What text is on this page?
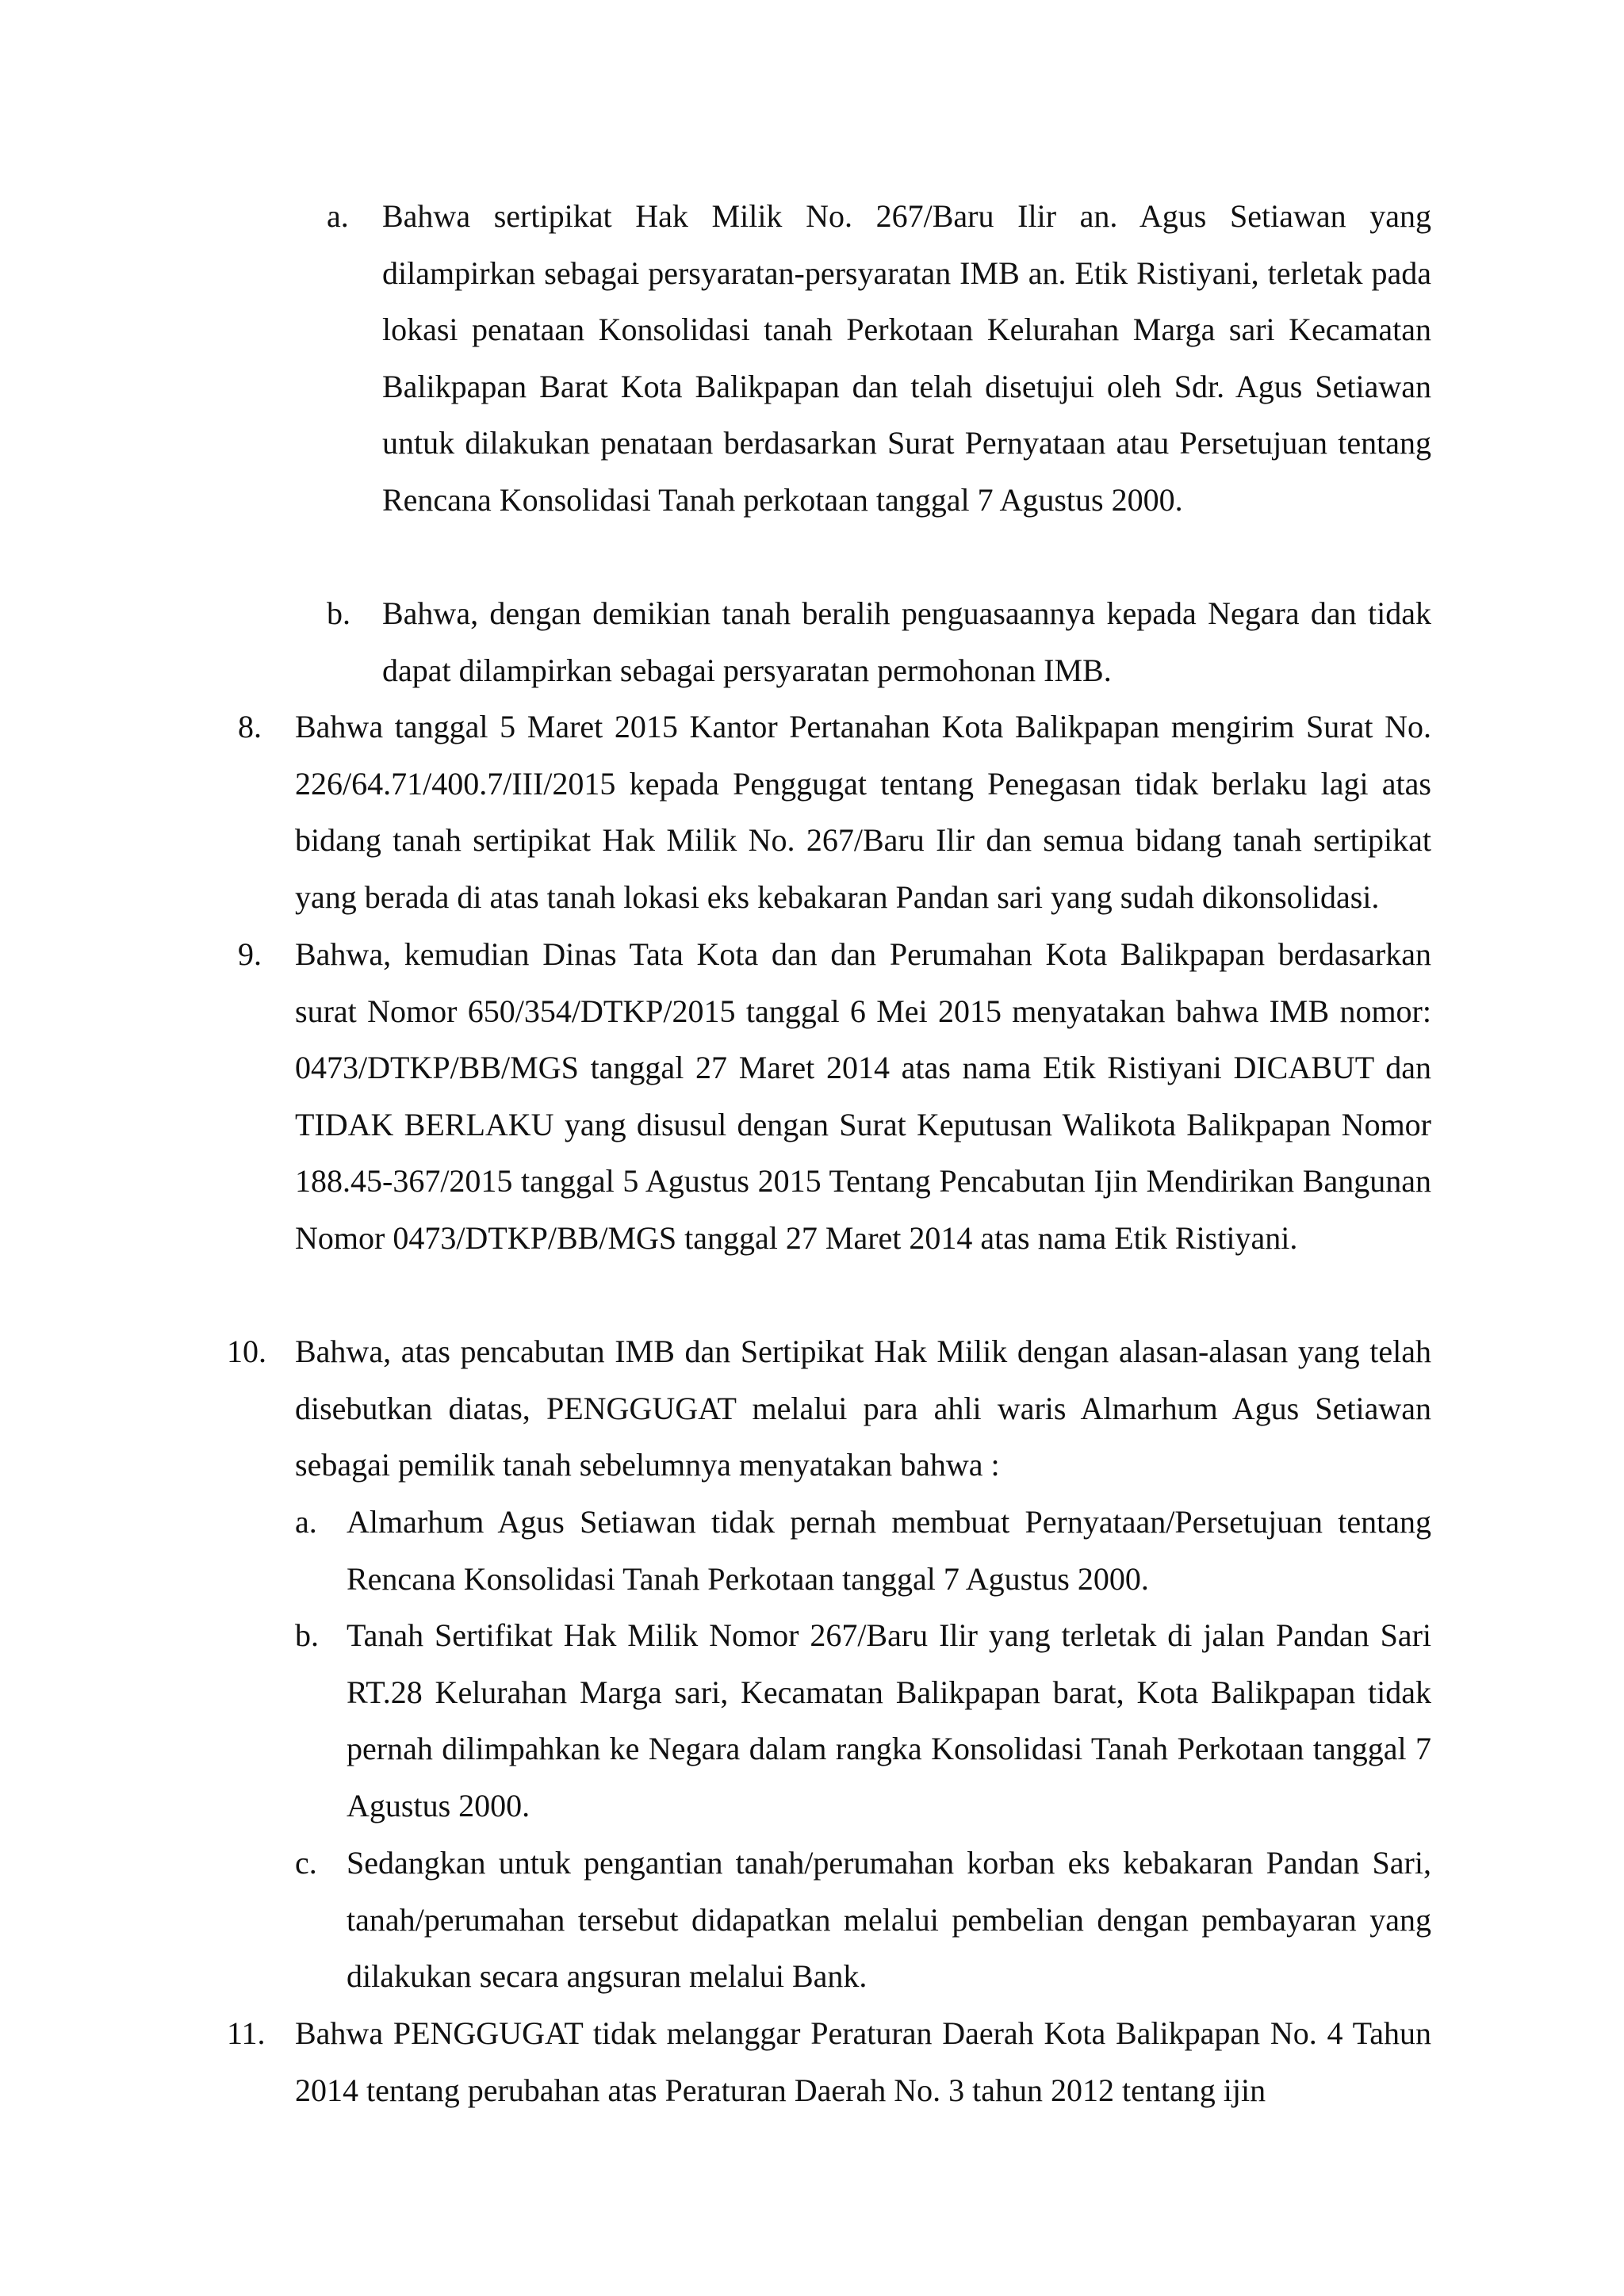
a.	Bahwa sertipikat Hak Milik No. 267/Baru Ilir an. Agus Setiawan yang dilampirkan sebagai persyaratan-persyaratan IMB an. Etik Ristiyani, terletak pada lokasi penataan Konsolidasi tanah Perkotaan Kelurahan Marga sari Kecamatan Balikpapan Barat Kota Balikpapan dan telah disetujui oleh Sdr. Agus Setiawan untuk dilakukan penataan berdasarkan Surat Pernyataan atau Persetujuan tentang Rencana Konsolidasi Tanah perkotaan tanggal 7 Agustus 2000.
b.	Bahwa, dengan demikian tanah beralih penguasaannya kepada Negara dan tidak dapat dilampirkan sebagai persyaratan permohonan IMB.
8.	Bahwa tanggal 5 Maret 2015 Kantor Pertanahan Kota Balikpapan mengirim Surat No. 226/64.71/400.7/III/2015 kepada Penggugat tentang Penegasan tidak berlaku lagi atas bidang tanah sertipikat Hak Milik No. 267/Baru Ilir dan semua bidang tanah sertipikat yang berada di atas tanah lokasi eks kebakaran Pandan sari yang sudah dikonsolidasi.
9.	Bahwa, kemudian Dinas Tata Kota dan dan Perumahan Kota Balikpapan berdasarkan surat Nomor 650/354/DTKP/2015 tanggal 6 Mei 2015 menyatakan bahwa IMB nomor: 0473/DTKP/BB/MGS tanggal 27 Maret 2014 atas nama Etik Ristiyani DICABUT dan TIDAK BERLAKU yang disusul dengan Surat Keputusan Walikota Balikpapan Nomor 188.45-367/2015 tanggal 5 Agustus 2015 Tentang Pencabutan Ijin Mendirikan Bangunan Nomor 0473/DTKP/BB/MGS tanggal 27 Maret 2014 atas nama Etik Ristiyani.
10. Bahwa, atas pencabutan IMB dan Sertipikat Hak Milik dengan alasan-alasan yang telah disebutkan diatas, PENGGUGAT melalui para ahli waris Almarhum Agus Setiawan sebagai pemilik tanah sebelumnya menyatakan bahwa :
a. Almarhum Agus Setiawan tidak pernah membuat Pernyataan/Persetujuan tentang Rencana Konsolidasi Tanah Perkotaan tanggal 7 Agustus 2000.
b. Tanah Sertifikat Hak Milik Nomor 267/Baru Ilir yang terletak di jalan Pandan Sari RT.28 Kelurahan Marga sari, Kecamatan Balikpapan barat, Kota Balikpapan tidak pernah dilimpahkan ke Negara dalam rangka Konsolidasi Tanah Perkotaan tanggal 7 Agustus 2000.
c. Sedangkan untuk pengantian tanah/perumahan korban eks kebakaran Pandan Sari, tanah/perumahan tersebut didapatkan melalui pembelian dengan pembayaran yang dilakukan secara angsuran melalui Bank.
11. Bahwa PENGGUGAT tidak melanggar Peraturan Daerah Kota Balikpapan No. 4 Tahun 2014 tentang perubahan atas Peraturan Daerah No. 3 tahun 2012 tentang ijin
